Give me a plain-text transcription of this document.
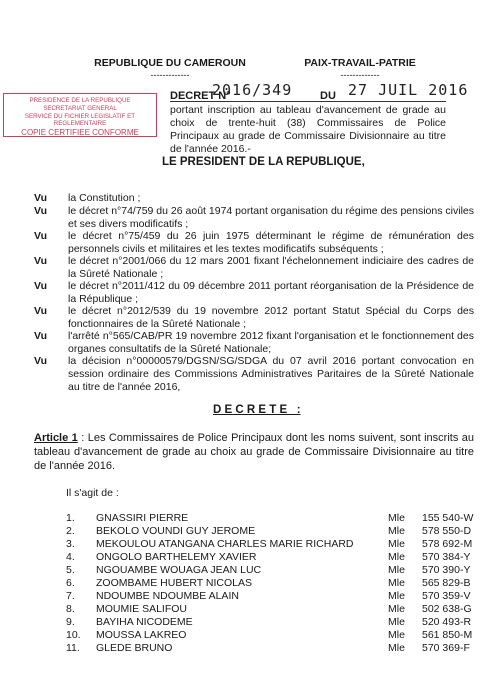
REPUBLIQUE DU CAMEROUN
-------------
PAIX-TRAVAIL-PATRIE
-------------
PRESIDENCE DE LA REPUBLIQUE
SECRETARIAT GENERAL
SERVICE DU FICHIER LEGISLATIF ET REGLEMENTAIRE
COPIE CERTIFIEE CONFORME
DECRET N°
2016/349	DU 27 JUIL 2016
portant inscription au tableau d'avancement de grade au choix de trente-huit (38) Commissaires de Police Principaux au grade de Commissaire Divisionnaire au titre de l'année 2016.-
LE PRESIDENT DE LA REPUBLIQUE,
Vu	la Constitution ;
Vu	le décret n°74/759 du 26 août 1974 portant organisation du régime des pensions civiles et ses divers modificatifs ;
Vu	le décret n°75/459 du 26 juin 1975 déterminant le régime de rémunération des personnels civils et militaires et les textes modificatifs subséquents ;
Vu	le décret n°2001/066 du 12 mars 2001 fixant l'échelonnement indiciaire des cadres de la Sûreté Nationale ;
Vu	le décret n°2011/412 du 09 décembre 2011 portant réorganisation de la Présidence de la République ;
Vu	le décret n°2012/539 du 19 novembre 2012 portant Statut Spécial du Corps des fonctionnaires de la Sûreté Nationale ;
Vu	l'arrêté n°565/CAB/PR 19 novembre 2012 fixant l'organisation et le fonctionnement des organes consultatifs de la Sûreté Nationale;
Vu	la décision n°00000579/DGSN/SG/SDGA du 07 avril 2016 portant convocation en session ordinaire des Commissions Administratives Paritaires de la Sûreté Nationale au titre de l'année 2016,
D E C R E T E   :
Article 1 : Les Commissaires de Police Principaux dont les noms suivent, sont inscrits au tableau d'avancement de grade au choix au grade de Commissaire Divisionnaire au titre de l'année 2016.
Il s'agit de :
1. GNASSIRI PIERRE	Mle 155 540-W
2. BEKOLO VOUNDI GUY JEROME	Mle 578 550-D
3. MEKOULOU ATANGANA CHARLES MARIE RICHARD	Mle 578 692-M
4. ONGOLO BARTHELEMY XAVIER	Mle 570 384-Y
5. NGOUAMBE WOUAGA JEAN LUC	Mle 570 390-Y
6. ZOOMBAME HUBERT NICOLAS	Mle 565 829-B
7. NDOUMBE NDOUMBE ALAIN	Mle 570 359-V
8. MOUMIE SALIFOU	Mle 502 638-G
9. BAYIHA NICODEME	Mle 520 493-R
10. MOUSSA LAKREO	Mle 561 850-M
11. GLEDE BRUNO	Mle 570 369-F
